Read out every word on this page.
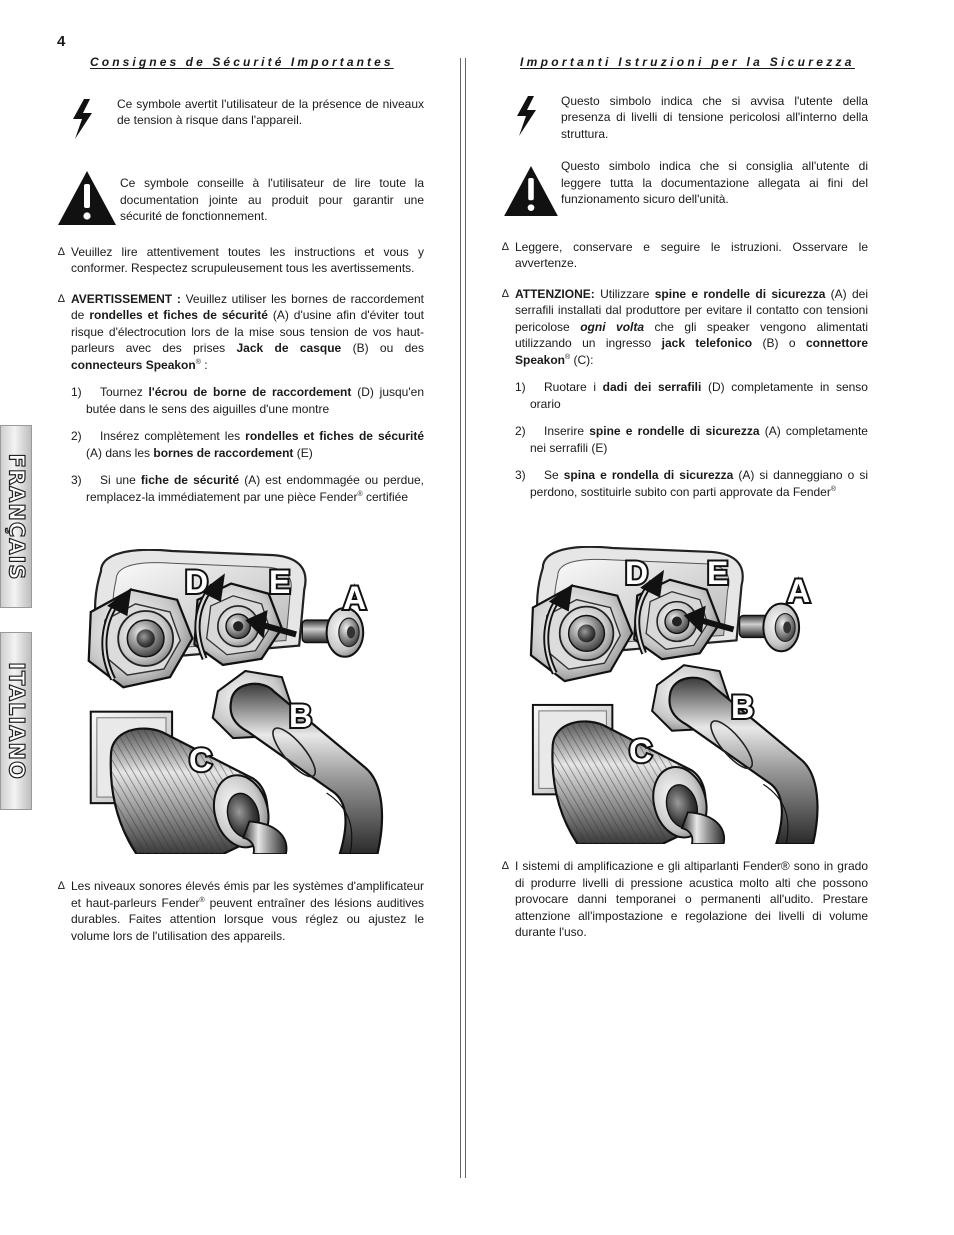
4
FRANÇAIS
ITALIANO
Consignes de Sécurité Importantes

Ce symbole avertit l'utilisateur de la présence de niveaux de tension à risque dans l'appareil.

Ce symbole conseille à l'utilisateur de lire toute la documentation jointe au produit pour garantir une sécurité de fonctionnement.

∆ Veuillez lire attentivement toutes les instructions et vous y conformer. Respectez scrupuleusement tous les avertissements.
∆ AVERTISSEMENT : Veuillez utiliser les bornes de raccordement de rondelles et fiches de sécurité (A) d'usine afin d'éviter tout risque d'électrocution lors de la mise sous tension de vos haut-parleurs avec des prises Jack de casque (B) ou des connecteurs Speakon® :
1)	Tournez l'écrou de borne de raccordement (D) jusqu'en butée dans le sens des aiguilles d'une montre
2)	Insérez complètement les rondelles et fiches de sécurité (A) dans les bornes de raccordement (E)
3)	Si une fiche de sécurité (A) est endommagée ou perdue, remplacez-la immédiatement par une pièce Fender® certifiée
D E A
B
C
∆ Les niveaux sonores élevés émis par les systèmes d'amplificateur et haut-parleurs Fender® peuvent entraîner des lésions auditives durables. Faites attention lorsque vous réglez ou ajustez le volume lors de l'utilisation des appareils.
Importanti Istruzioni per la Sicurezza

Questo simbolo indica che si avvisa l'utente della presenza di livelli di tensione pericolosi all'interno della struttura.

Questo simbolo indica che si consiglia all'utente di leggere tutta la documentazione allegata ai fini del funzionamento sicuro dell'unità.

∆ Leggere, conservare e seguire le istruzioni. Osservare le avvertenze.
∆ ATTENZIONE: Utilizzare spine e rondelle di sicurezza (A) dei serrafili installati dal produttore per evitare il contatto con tensioni pericolose ogni volta che gli speaker vengono alimentati utilizzando un ingresso jack telefonico (B) o connettore Speakon® (C):
1)	Ruotare i dadi dei serrafili (D) completamente in senso orario
2)	Inserire spine e rondelle di sicurezza (A) completamente nei serrafili (E)
3)	Se spina e rondella di sicurezza (A) si danneggiano o si perdono, sostituirle subito con parti approvate da Fender®
D E A
B
C
∆ I sistemi di amplificazione e gli altiparlanti Fender® sono in grado di produrre livelli di pressione acustica molto alti che possono provocare danni temporanei o permanenti all'udito. Prestare attenzione all'impostazione e regolazione dei livelli di volume durante l'uso.
